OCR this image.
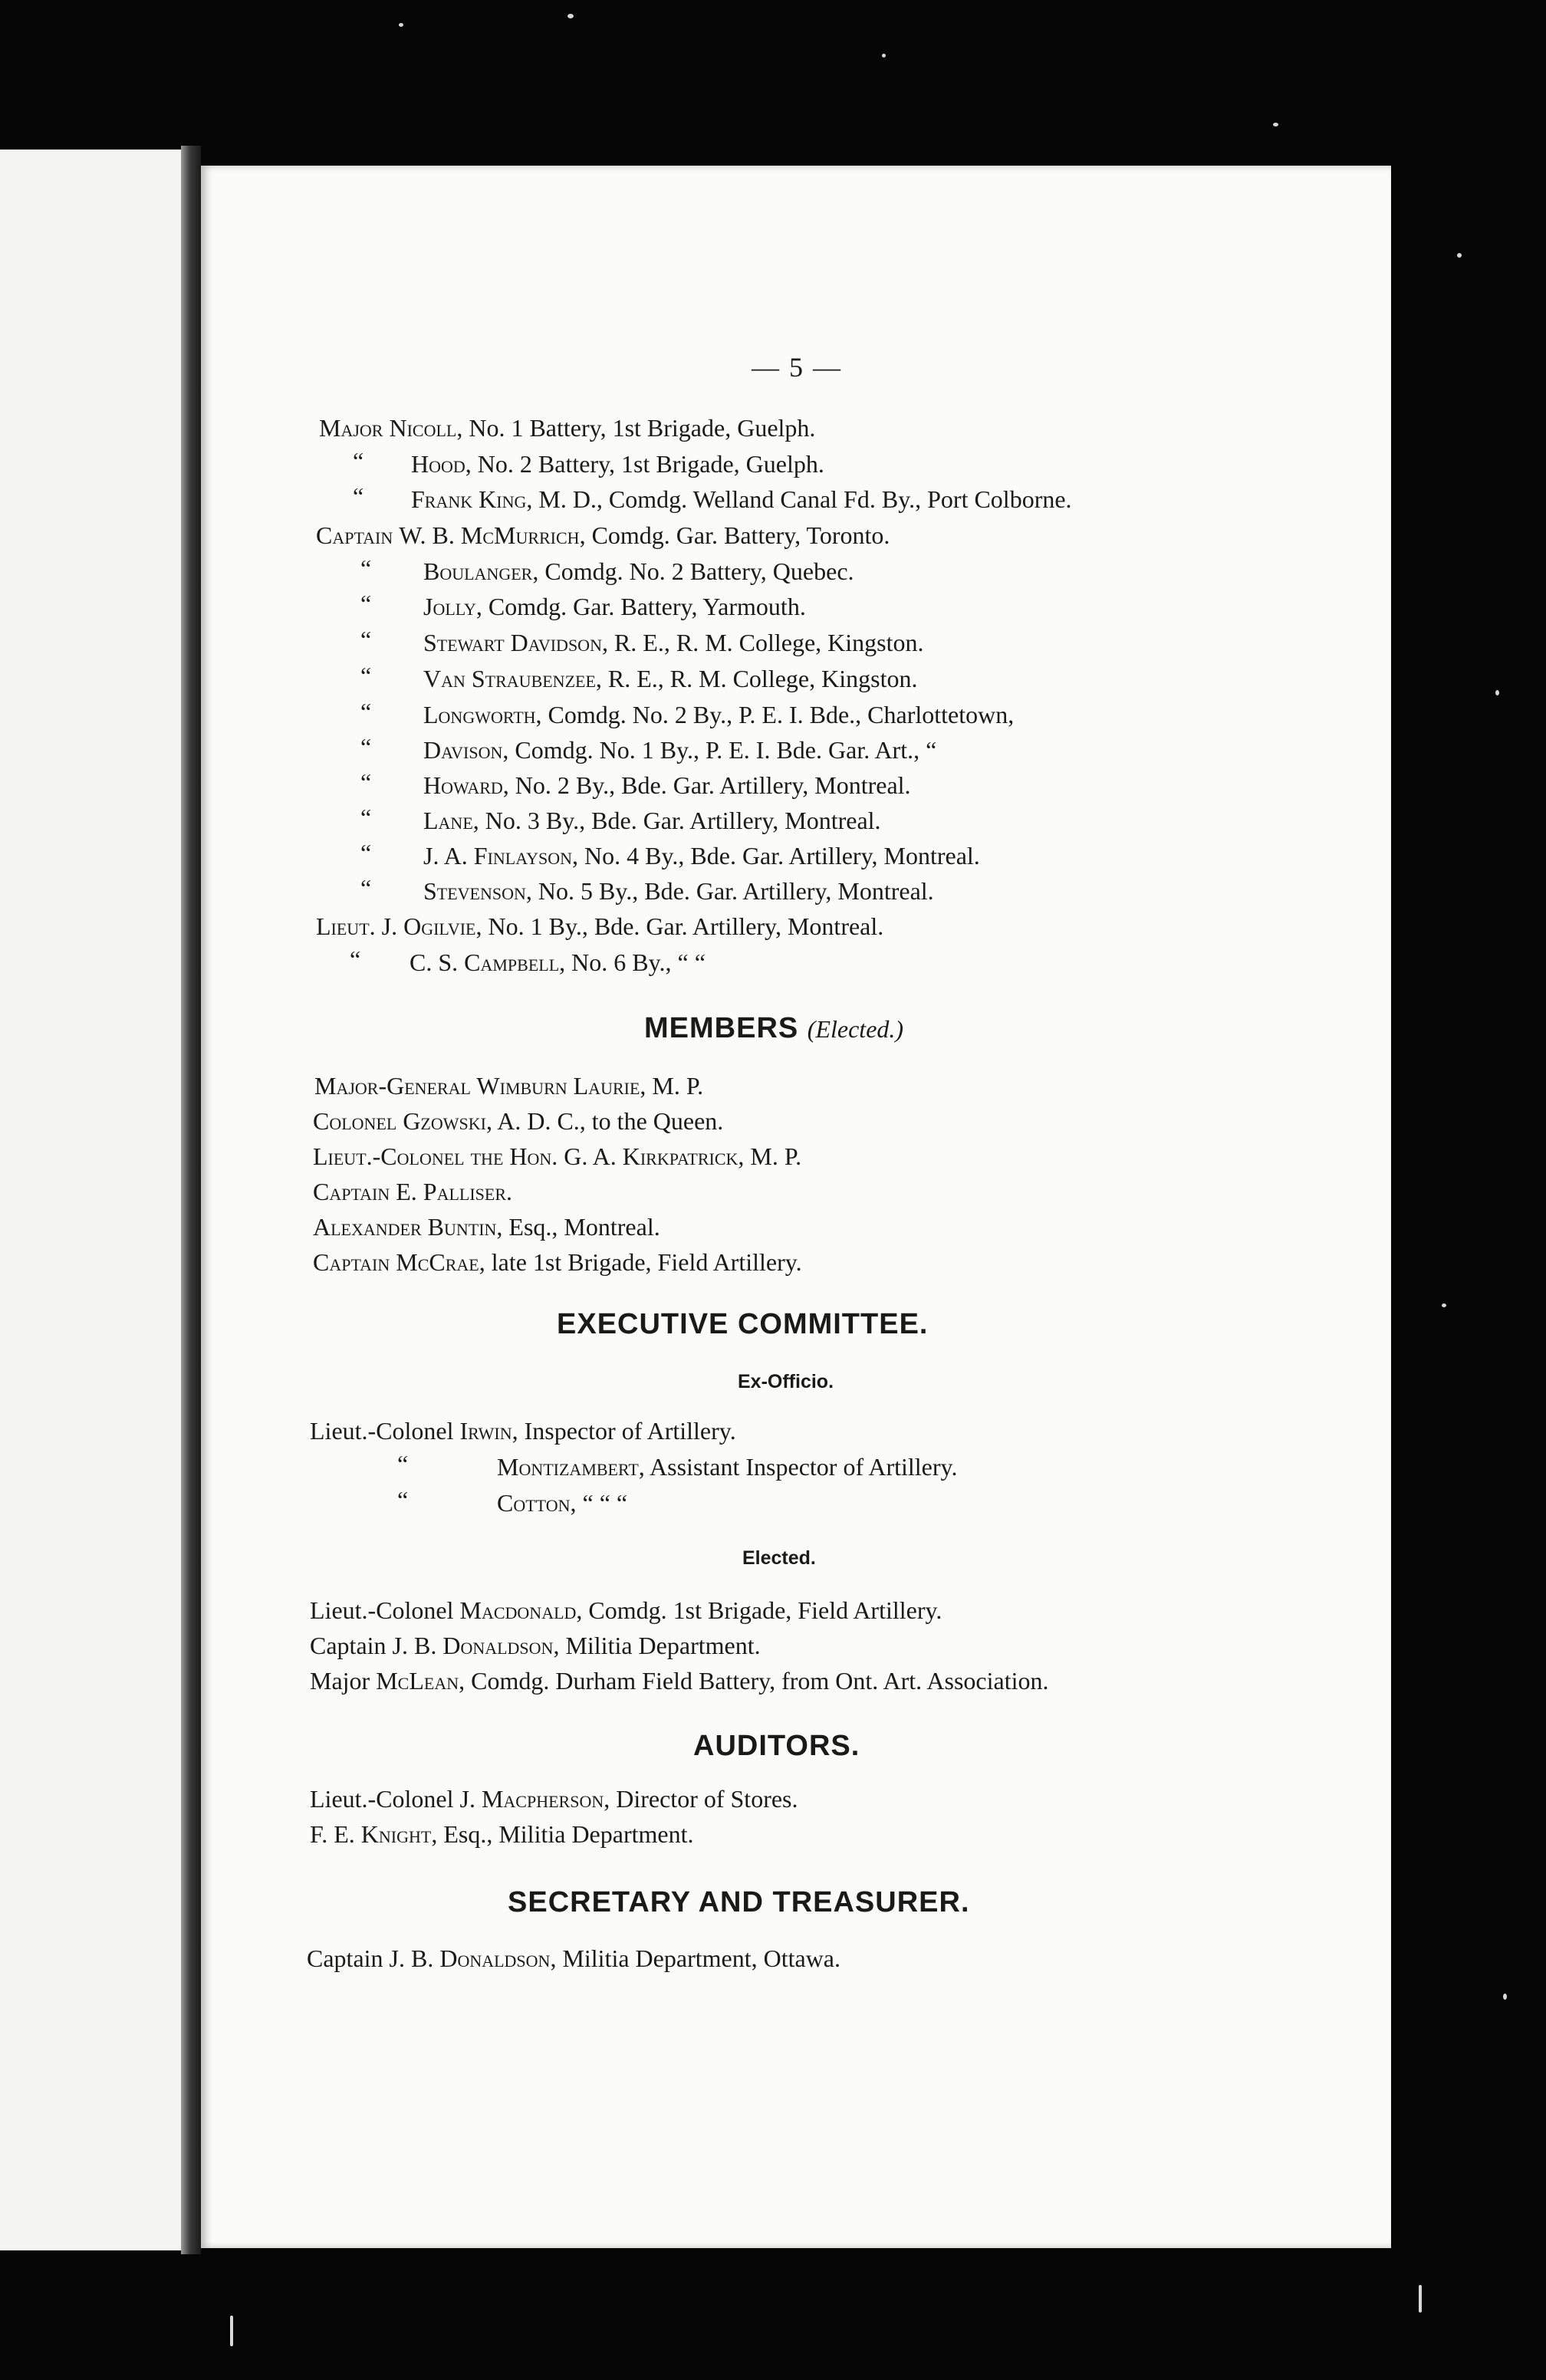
— 5 —
Major Nicoll, No. 1 Battery, 1st Brigade, Guelph.
“ Hood, No. 2 Battery, 1st Brigade, Guelph.
“ Frank King, M. D., Comdg. Welland Canal Fd. By., Port Colborne.
Captain W. B. McMurrich, Comdg. Gar. Battery, Toronto.
“ Boulanger, Comdg. No. 2 Battery, Quebec.
“ Jolly, Comdg. Gar. Battery, Yarmouth.
“ Stewart Davidson, R. E., R. M. College, Kingston.
“ Van Straubenzee, R. E., R. M. College, Kingston.
“ Longworth, Comdg. No. 2 By., P. E. I. Bde., Charlottetown,
“ Davison, Comdg. No. 1 By., P. E. I. Bde. Gar. Art., “
“ Howard, No. 2 By., Bde. Gar. Artillery, Montreal.
“ Lane, No. 3 By., Bde. Gar. Artillery, Montreal.
“ J. A. Finlayson, No. 4 By., Bde. Gar. Artillery, Montreal.
“ Stevenson, No. 5 By., Bde. Gar. Artillery, Montreal.
Lieut. J. Ogilvie, No. 1 By., Bde. Gar. Artillery, Montreal.
“ C. S. Campbell, No. 6 By., “ “
MEMBERS (Elected.)
Major-General Wimburn Laurie, M. P.
Colonel Gzowski, A. D. C., to the Queen.
Lieut.-Colonel the Hon. G. A. Kirkpatrick, M. P.
Captain E. Palliser.
Alexander Buntin, Esq., Montreal.
Captain McCrae, late 1st Brigade, Field Artillery.
EXECUTIVE COMMITTEE.
Ex-Officio.
Lieut.-Colonel Irwin, Inspector of Artillery.
“	Montizambert, Assistant Inspector of Artillery.
“	Cotton, “ “ “
Elected.
Lieut.-Colonel Macdonald, Comdg. 1st Brigade, Field Artillery.
Captain J. B. Donaldson, Militia Department.
Major McLean, Comdg. Durham Field Battery, from Ont. Art. Association.
AUDITORS.
Lieut.-Colonel J. Macpherson, Director of Stores.
F. E. Knight, Esq., Militia Department.
SECRETARY AND TREASURER.
Captain J. B. Donaldson, Militia Department, Ottawa.
